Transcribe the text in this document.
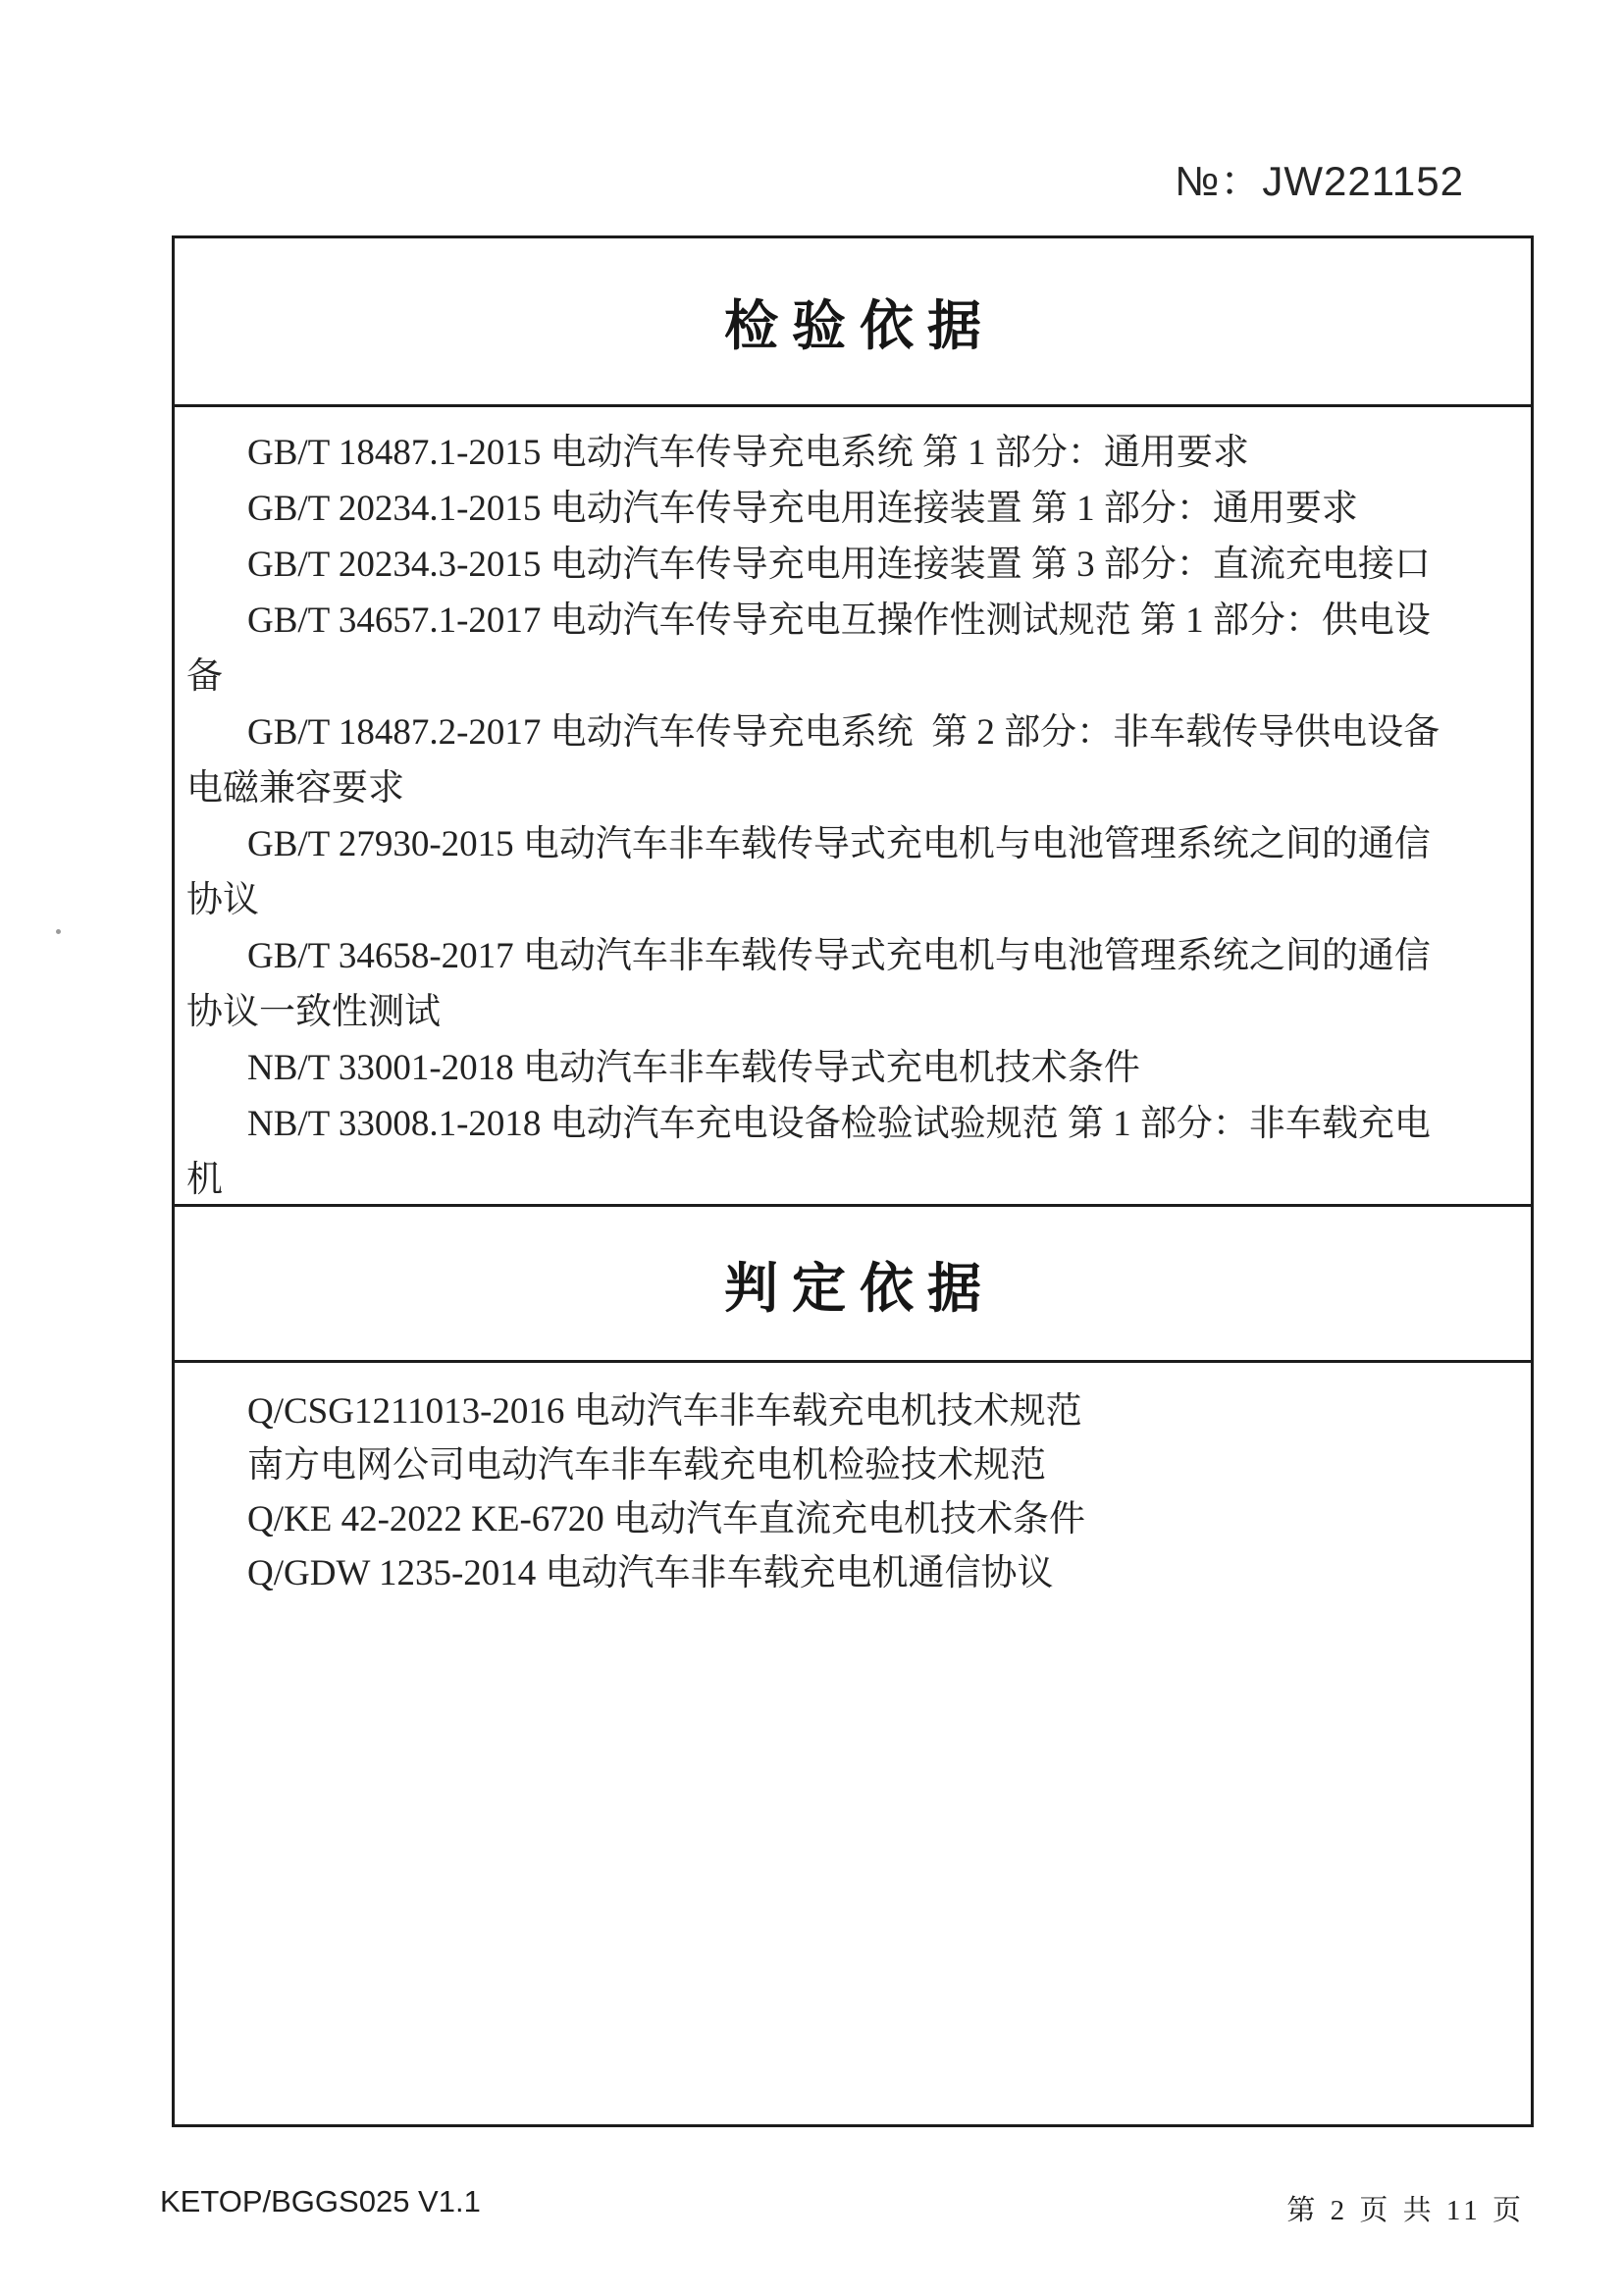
№：JW221152
检验依据
GB/T 18487.1-2015 电动汽车传导充电系统 第 1 部分：通用要求
GB/T 20234.1-2015 电动汽车传导充电用连接装置 第 1 部分：通用要求
GB/T 20234.3-2015 电动汽车传导充电用连接装置 第 3 部分：直流充电接口
GB/T 34657.1-2017 电动汽车传导充电互操作性测试规范 第 1 部分：供电设
备
GB/T 18487.2-2017 电动汽车传导充电系统  第 2 部分：非车载传导供电设备
电磁兼容要求
GB/T 27930-2015 电动汽车非车载传导式充电机与电池管理系统之间的通信
协议
GB/T 34658-2017 电动汽车非车载传导式充电机与电池管理系统之间的通信
协议一致性测试
NB/T 33001-2018 电动汽车非车载传导式充电机技术条件
NB/T 33008.1-2018 电动汽车充电设备检验试验规范 第 1 部分：非车载充电
机
判定依据
Q/CSG1211013-2016 电动汽车非车载充电机技术规范
南方电网公司电动汽车非车载充电机检验技术规范
Q/KE 42-2022 KE-6720 电动汽车直流充电机技术条件
Q/GDW 1235-2014 电动汽车非车载充电机通信协议
KETOP/BGGS025 V1.1	第 2 页 共 11 页
